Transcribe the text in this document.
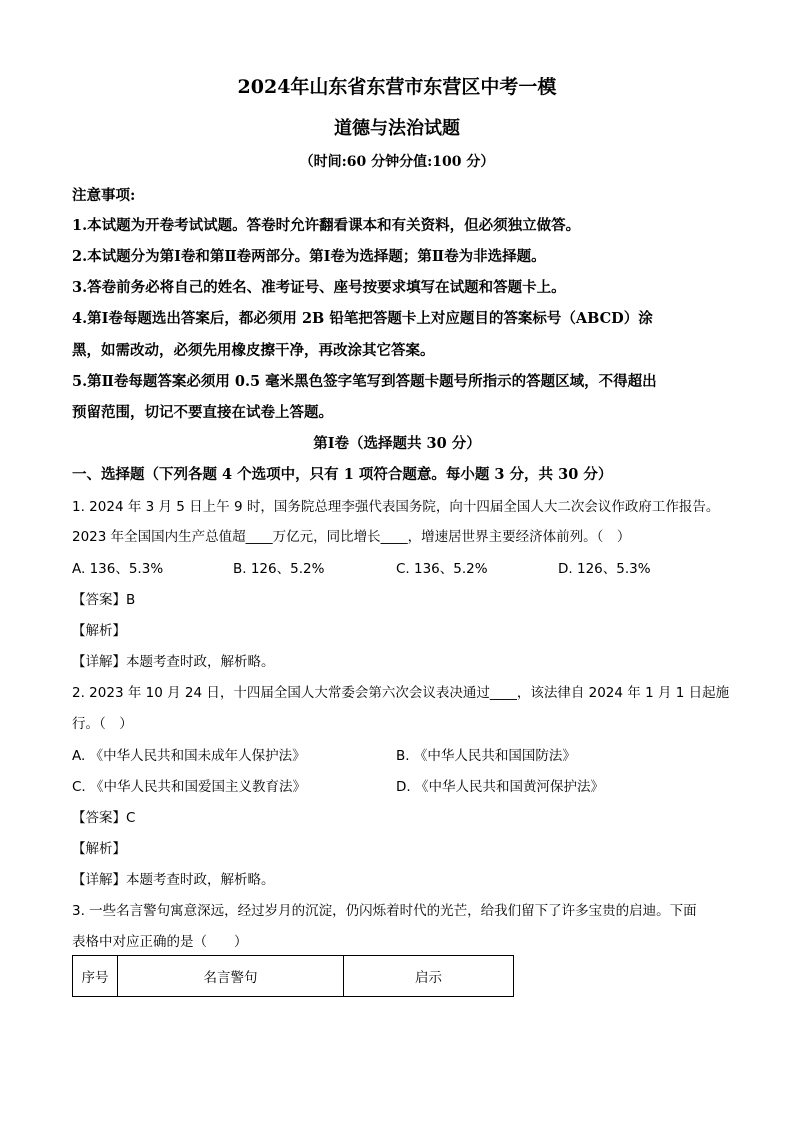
2024年山东省东营市东营区中考一模
道德与法治试题
（时间:60 分钟分值:100 分）
注意事项:
1.本试题为开卷考试试题。答卷时允许翻看课本和有关资料，但必须独立做答。
2.本试题分为第Ⅰ卷和第Ⅱ卷两部分。第Ⅰ卷为选择题；第Ⅱ卷为非选择题。
3.答卷前务必将自己的姓名、准考证号、座号按要求填写在试题和答题卡上。
4.第Ⅰ卷每题选出答案后，都必须用 2B 铅笔把答题卡上对应题目的答案标号（ABCD）涂
黑，如需改动，必须先用橡皮擦干净，再改涂其它答案。
5.第Ⅱ卷每题答案必须用 0.5 毫米黑色签字笔写到答题卡题号所指示的答题区域，不得超出
预留范围，切记不要直接在试卷上答题。
第Ⅰ卷（选择题共 30 分）
一、选择题（下列各题 4 个选项中，只有 1 项符合题意。每小题 3 分，共 30 分）
1. 2024 年 3 月 5 日上午 9 时，国务院总理李强代表国务院，向十四届全国人大二次会议作政府工作报告。
2023 年全国国内生产总值超____万亿元，同比增长____，增速居世界主要经济体前列。（　）
A. 136、5.3%	B. 126、5.2%	C. 136、5.2%	D. 126、5.3%
【答案】B
【解析】
【详解】本题考查时政，解析略。
2. 2023 年 10 月 24 日，十四届全国人大常委会第六次会议表决通过____，该法律自 2024 年 1 月 1 日起施
行。（　）
A. 《中华人民共和国未成年人保护法》	B. 《中华人民共和国国防法》
C. 《中华人民共和国爱国主义教育法》	D. 《中华人民共和国黄河保护法》
【答案】C
【解析】
【详解】本题考查时政，解析略。
3. 一些名言警句寓意深远，经过岁月的沉淀，仍闪烁着时代的光芒，给我们留下了许多宝贵的启迪。下面
表格中对应正确的是（　　）
序号	名言警句	启示
